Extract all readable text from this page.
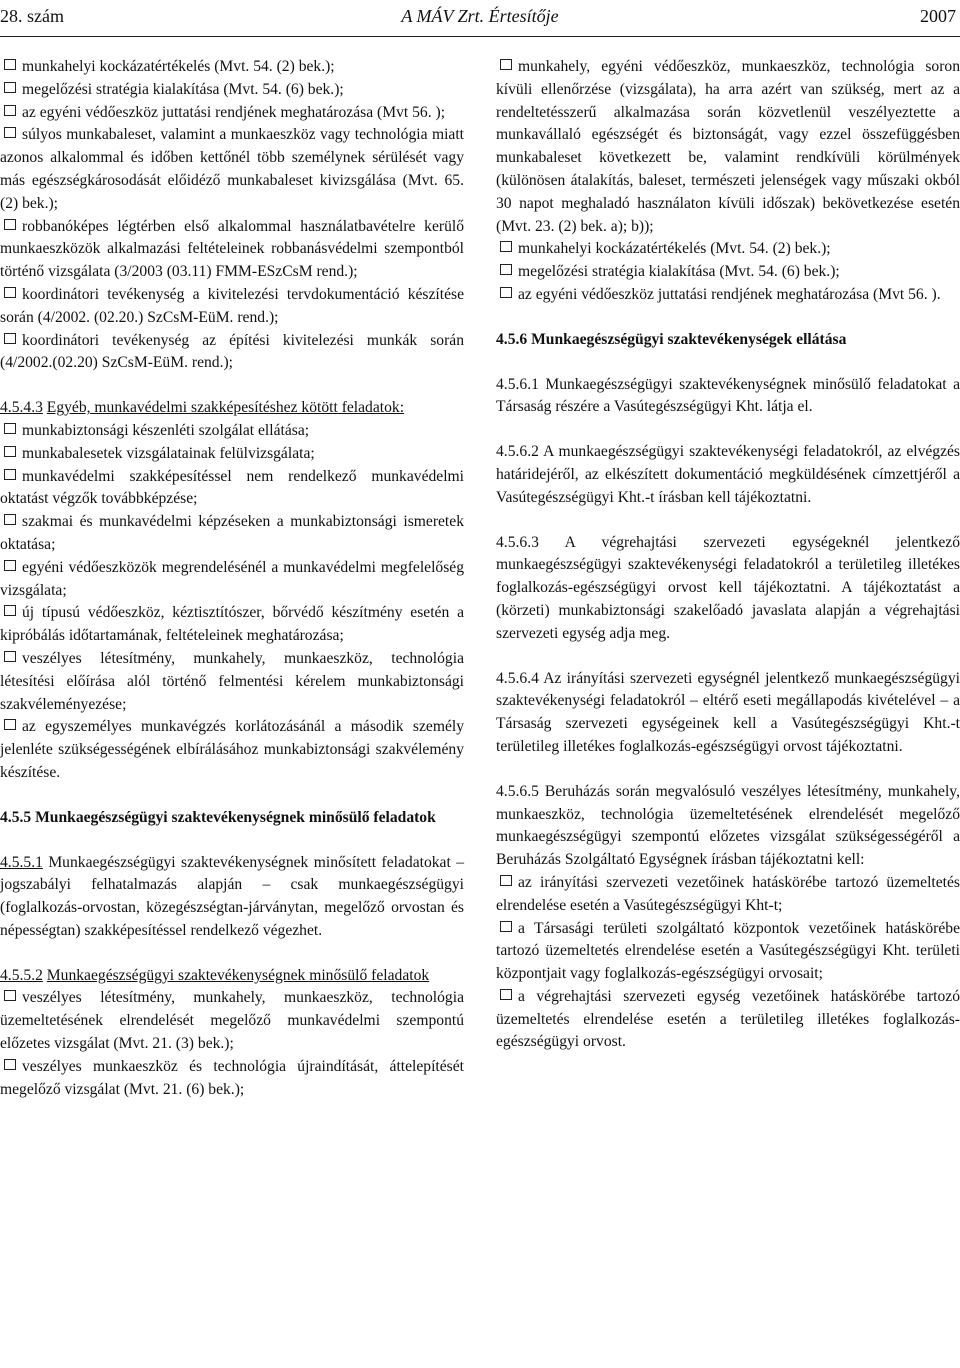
28. szám	A MÁV Zrt. Értesítője	2007

munkahelyi kockázatértékelés (Mvt. 54. (2) bek.);

megelőzési stratégia kialakítása (Mvt. 54. (6) bek.);

az egyéni védőeszköz juttatási rendjének meghatározása (Mvt 56. );

súlyos munkabaleset, valamint a munkaeszköz vagy technológia miatt azonos alkalommal és időben kettőnél több személynek sérülését vagy más egészségkárosodását előidéző munkabaleset kivizsgálása (Mvt. 65. (2) bek.);

robbanóképes légtérben első alkalommal használatbavételre kerülő munkaeszközök alkalmazási feltételeinek robbanásvédelmi szempontból történő vizsgálata (3/2003 (03.11) FMM-ESzCsM rend.);

koordinátori tevékenység a kivitelezési tervdokumentáció készítése során (4/2002. (02.20.) SzCsM-EüM. rend.);

koordinátori tevékenység az építési kivitelezési munkák során (4/2002.(02.20) SzCsM-EüM. rend.);

4.5.4.3 Egyéb, munkavédelmi szakképesítéshez kötött feladatok:

munkabiztonsági készenléti szolgálat ellátása;

munkabalesetek vizsgálatainak felülvizsgálata;

munkavédelmi szakképesítéssel nem rendelkező munkavédelmi oktatást végzők továbbképzése;

szakmai és munkavédelmi képzéseken a munkabiztonsági ismeretek oktatása;

egyéni védőeszközök megrendelésénél a munkavédelmi megfelelőség vizsgálata;

új típusú védőeszköz, kéztisztítószer, bőrvédő készítmény esetén a kipróbálás időtartamának, feltételeinek meghatározása;

veszélyes létesítmény, munkahely, munkaeszköz, technológia létesítési előírása alól történő felmentési kérelem munkabiztonsági szakvéleményezése;

az egyszemélyes munkavégzés korlátozásánál a második személy jelenléte szükségességének elbírálásához munkabiztonsági szakvélemény készítése.

4.5.5 Munkaegészségügyi szaktevékenységnek minősülő feladatok

4.5.5.1 Munkaegészségügyi szaktevékenységnek minősített feladatokat – jogszabályi felhatalmazás alapján – csak munkaegészségügyi (foglalkozás-orvostan, közegészségtan-járványtan, megelőző orvostan és népességtan) szakképesítéssel rendelkező végezhet.

4.5.5.2 Munkaegészségügyi szaktevékenységnek minősülő feladatok

veszélyes létesítmény, munkahely, munkaeszköz, technológia üzemeltetésének elrendelését megelőző munkavédelmi szempontú előzetes vizsgálat (Mvt. 21. (3) bek.);

veszélyes munkaeszköz és technológia újraindítását, áttelepítését megelőző vizsgálat (Mvt. 21. (6) bek.);

munkahely, egyéni védőeszköz, munkaeszköz, technológia soron kívüli ellenőrzése (vizsgálata), ha arra azért van szükség, mert az a rendeltetésszerű alkalmazása során közvetlenül veszélyeztette a munkavállaló egészségét és biztonságát, vagy ezzel összefüggésben munkabaleset következett be, valamint rendkívüli körülmények (különösen átalakítás, baleset, természeti jelenségek vagy műszaki okból 30 napot meghaladó használaton kívüli időszak) bekövetkezése esetén (Mvt. 23. (2) bek. a); b));

munkahelyi kockázatértékelés (Mvt. 54. (2) bek.);

megelőzési stratégia kialakítása (Mvt. 54. (6) bek.);

az egyéni védőeszköz juttatási rendjének meghatározása (Mvt 56. ).

4.5.6 Munkaegészségügyi szaktevékenységek ellátása

4.5.6.1 Munkaegészségügyi szaktevékenységnek minősülő feladatokat a Társaság részére a Vasútegészségügyi Kht. látja el.

4.5.6.2 A munkaegészségügyi szaktevékenységi feladatokról, az elvégzés határidejéről, az elkészített dokumentáció megküldésének címzettjéről a Vasútegészségügyi Kht.-t írásban kell tájékoztatni.

4.5.6.3 A végrehajtási szervezeti egységeknél jelentkező munkaegészségügyi szaktevékenységi feladatokról a területileg illetékes foglalkozás-egészségügyi orvost kell tájékoztatni. A tájékoztatást a (körzeti) munkabiztonsági szakelőadó javaslata alapján a végrehajtási szervezeti egység adja meg.

4.5.6.4 Az irányítási szervezeti egységnél jelentkező munkaegészségügyi szaktevékenységi feladatokról – eltérő eseti megállapodás kivételével – a Társaság szervezeti egységeinek kell a Vasútegészségügyi Kht.-t területileg illetékes foglalkozás-egészségügyi orvost tájékoztatni.

4.5.6.5 Beruházás során megvalósuló veszélyes létesítmény, munkahely, munkaeszköz, technológia üzemeltetésének elrendelését megelőző munkaegészségügyi szempontú előzetes vizsgálat szükségességéről a Beruházás Szolgáltató Egységnek írásban tájékoztatni kell:

az irányítási szervezeti vezetőinek hatáskörébe tartozó üzemeltetés elrendelése esetén a Vasútegészségügyi Kht-t;

a Társasági területi szolgáltató központok vezetőinek hatáskörébe tartozó üzemeltetés elrendelése esetén a Vasútegészségügyi Kht. területi központjait vagy foglalkozás-egészségügyi orvosait;

a végrehajtási szervezeti egység vezetőinek hatáskörébe tartozó üzemeltetés elrendelése esetén a területileg illetékes foglalkozás-egészségügyi orvost.
